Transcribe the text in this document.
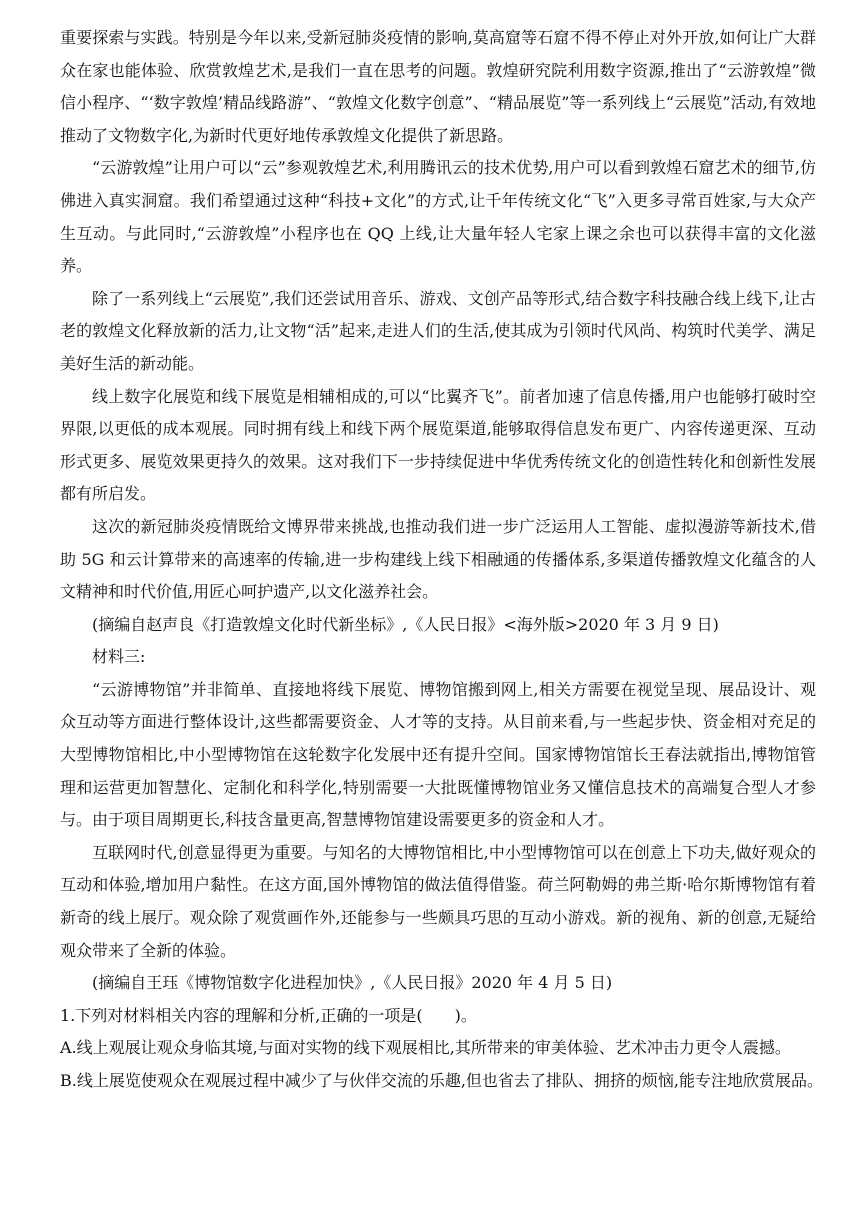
重要探索与实践。特别是今年以来,受新冠肺炎疫情的影响,莫高窟等石窟不得不停止对外开放,如何让广大群众在家也能体验、欣赏敦煌艺术,是我们一直在思考的问题。敦煌研究院利用数字资源,推出了“云游敦煌”微信小程序、“‘数字敦煌’精品线路游”、“敦煌文化数字创意”、“精品展览”等一系列线上“云展览”活动,有效地推动了文物数字化,为新时代更好地传承敦煌文化提供了新思路。

“云游敦煌”让用户可以“云”参观敦煌艺术,利用腾讯云的技术优势,用户可以看到敦煌石窟艺术的细节,仿佛进入真实洞窟。我们希望通过这种“科技+文化”的方式,让千年传统文化“飞”入更多寻常百姓家,与大众产生互动。与此同时,“云游敦煌”小程序也在 QQ 上线,让大量年轻人宅家上课之余也可以获得丰富的文化滋养。

除了一系列线上“云展览”,我们还尝试用音乐、游戏、文创产品等形式,结合数字科技融合线上线下,让古老的敦煌文化释放新的活力,让文物“活”起来,走进人们的生活,使其成为引领时代风尚、构筑时代美学、满足美好生活的新动能。

线上数字化展览和线下展览是相辅相成的,可以“比翼齐飞”。前者加速了信息传播,用户也能够打破时空界限,以更低的成本观展。同时拥有线上和线下两个展览渠道,能够取得信息发布更广、内容传递更深、互动形式更多、展览效果更持久的效果。这对我们下一步持续促进中华优秀传统文化的创造性转化和创新性发展都有所启发。

这次的新冠肺炎疫情既给文博界带来挑战,也推动我们进一步广泛运用人工智能、虚拟漫游等新技术,借助 5G 和云计算带来的高速率的传输,进一步构建线上线下相融通的传播体系,多渠道传播敦煌文化蕴含的人文精神和时代价值,用匠心呵护遗产,以文化滋养社会。

(摘编自赵声良《打造敦煌文化时代新坐标》,《人民日报》<海外版>2020 年 3 月 9 日)

材料三:

“云游博物馆”并非简单、直接地将线下展览、博物馆搬到网上,相关方需要在视觉呈现、展品设计、观众互动等方面进行整体设计,这些都需要资金、人才等的支持。从目前来看,与一些起步快、资金相对充足的大型博物馆相比,中小型博物馆在这轮数字化发展中还有提升空间。国家博物馆馆长王春法就指出,博物馆管理和运营更加智慧化、定制化和科学化,特别需要一大批既懂博物馆业务又懂信息技术的高端复合型人才参与。由于项目周期更长,科技含量更高,智慧博物馆建设需要更多的资金和人才。

互联网时代,创意显得更为重要。与知名的大博物馆相比,中小型博物馆可以在创意上下功夫,做好观众的互动和体验,增加用户黏性。在这方面,国外博物馆的做法值得借鉴。荷兰阿勒姆的弗兰斯·哈尔斯博物馆有着新奇的线上展厅。观众除了观赏画作外,还能参与一些颇具巧思的互动小游戏。新的视角、新的创意,无疑给观众带来了全新的体验。

(摘编自王珏《博物馆数字化进程加快》,《人民日报》2020 年 4 月 5 日)

1.下列对材料相关内容的理解和分析,正确的一项是(　　)。

A.线上观展让观众身临其境,与面对实物的线下观展相比,其所带来的审美体验、艺术冲击力更令人震撼。

B.线上展览使观众在观展过程中减少了与伙伴交流的乐趣,但也省去了排队、拥挤的烦恼,能专注地欣赏展品。
